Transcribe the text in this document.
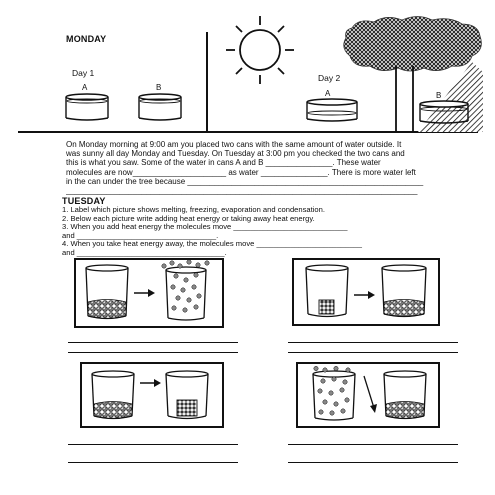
MONDAY
Day 1	Day 2
A	B
A	B
On Monday morning at 9:00 am you placed two cans with the same amount of water outside. It
was sunny all day Monday and Tuesday. On Tuesday at 3:00 pm you checked the two cans and
this is what you saw. Some of the water in cans A and B _______________. These water
molecules are now_____________________ as water _______________. There is more water left
in the can under the tree because _____________________________________________________
_______________________________________________________________________________
TUESDAY
1. Label which picture shows melting, freezing, evaporation and condensation.
2. Below each picture write adding heat energy or taking away heat energy.
3. When you add heat energy the molecules move ___________________________
and _________________________________.
4. When you take heat energy away, the molecules move _________________________
and ___________________________________.
